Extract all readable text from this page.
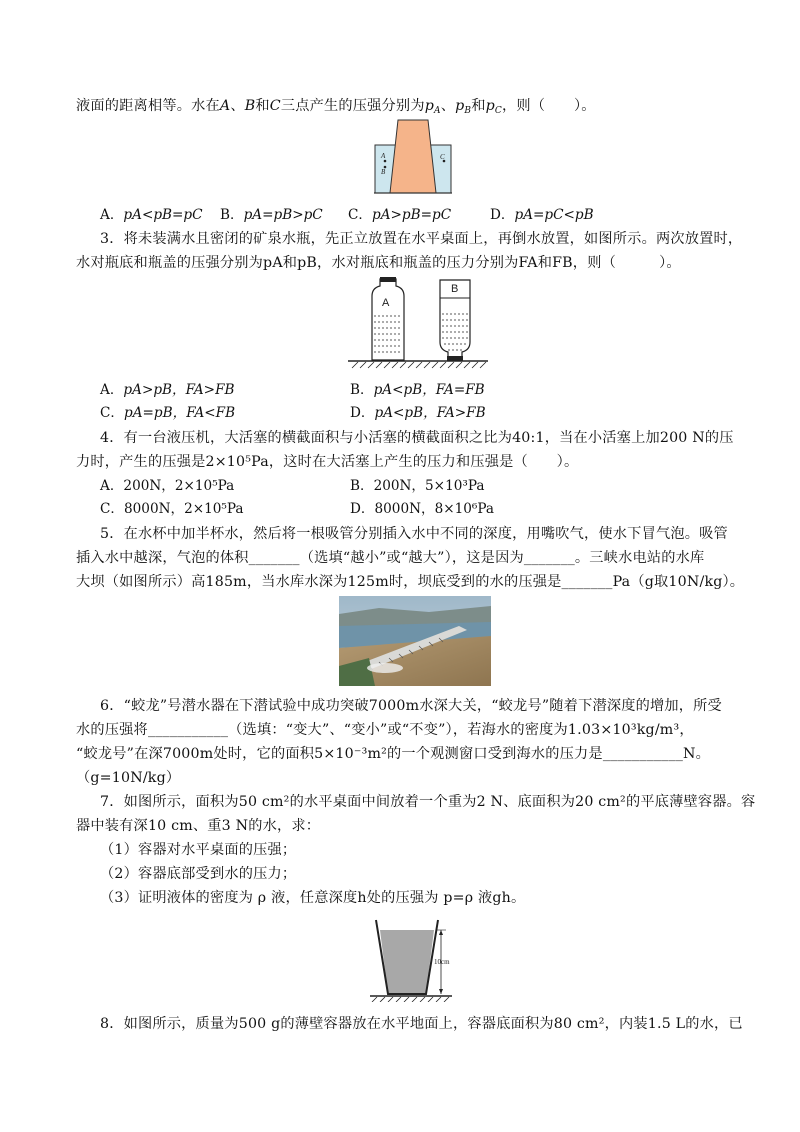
液面的距离相等。水在A、B和C三点产生的压强分别为$p_A$、$p_B$和$p_C$，则（　　）。
A
B
C
A．pA<pB=pC B．pA=pB>pC C．pA>pB=pC	D．pA=pC<pB
3．将未装满水且密闭的矿泉水瓶，先正立放置在水平桌面上，再倒水放置，如图所示。两次放置时，
水对瓶底和瓶盖的压强分别为pA和pB，水对瓶底和瓶盖的压力分别为FA和FB，则（　　　）。
A
B
A．pA>pB，FA>FB	B．pA<pB，FA=FB
C．pA=pB，FA<FB	D．pA<pB，FA>FB
4．有一台液压机，大活塞的横截面积与小活塞的横截面积之比为40:1，当在小活塞上加200 N的压
力时，产生的压强是2×10⁵Pa，这时在大活塞上产生的压力和压强是（　　）。
A．200N，2×10⁵Pa	B．200N，5×10³Pa
C．8000N，2×10⁵Pa	D．8000N，8×10⁶Pa
5．在水杯中加半杯水，然后将一根吸管分别插入水中不同的深度，用嘴吹气，使水下冒气泡。吸管
插入水中越深，气泡的体积_______（选填“越小”或“越大”），这是因为_______。三峡水电站的水库
大坝（如图所示）高185m，当水库水深为125m时，坝底受到的水的压强是_______Pa（g取10N/kg）。
6．“蛟龙”号潜水器在下潜试验中成功突破7000m水深大关，“蛟龙号”随着下潜深度的增加，所受
水的压强将___________（选填：“变大”、“变小”或“不变”），若海水的密度为1.03×10³kg/m³，
“蛟龙号”在深7000m处时，它的面积5×10⁻³m²的一个观测窗口受到海水的压力是___________N。
（g=10N/kg）
7．如图所示，面积为50 cm²的水平桌面中间放着一个重为2 N、底面积为20 cm²的平底薄壁容器。容
器中装有深10 cm、重3 N的水，求：
（1）容器对水平桌面的压强；
（2）容器底部受到水的压力；
（3）证明液体的密度为 ρ 液，任意深度h处的压强为 p=ρ 液gh。
10cm
8．如图所示，质量为500 g的薄壁容器放在水平地面上，容器底面积为80 cm²，内装1.5 L的水，已
